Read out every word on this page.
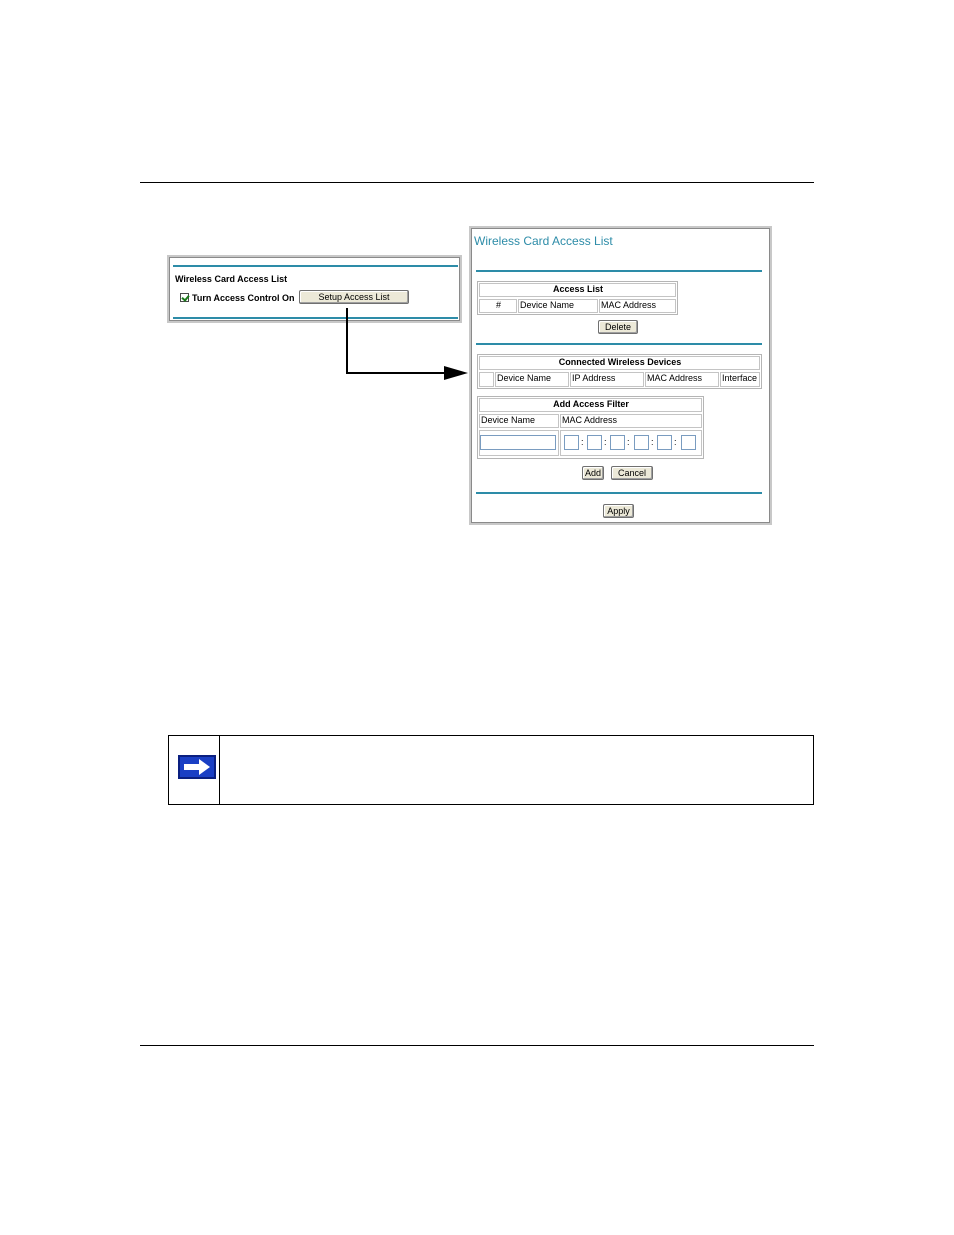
Wireless Card Access List
Turn Access Control On	Setup Access List
Wireless Card Access List
Access List
#	Device Name	MAC Address
Delete
Connected Wireless Devices
Device Name	IP Address	MAC Address	Interface
Add Access Filter
Device Name	MAC Address
: : : : :
Add	Cancel
Apply
